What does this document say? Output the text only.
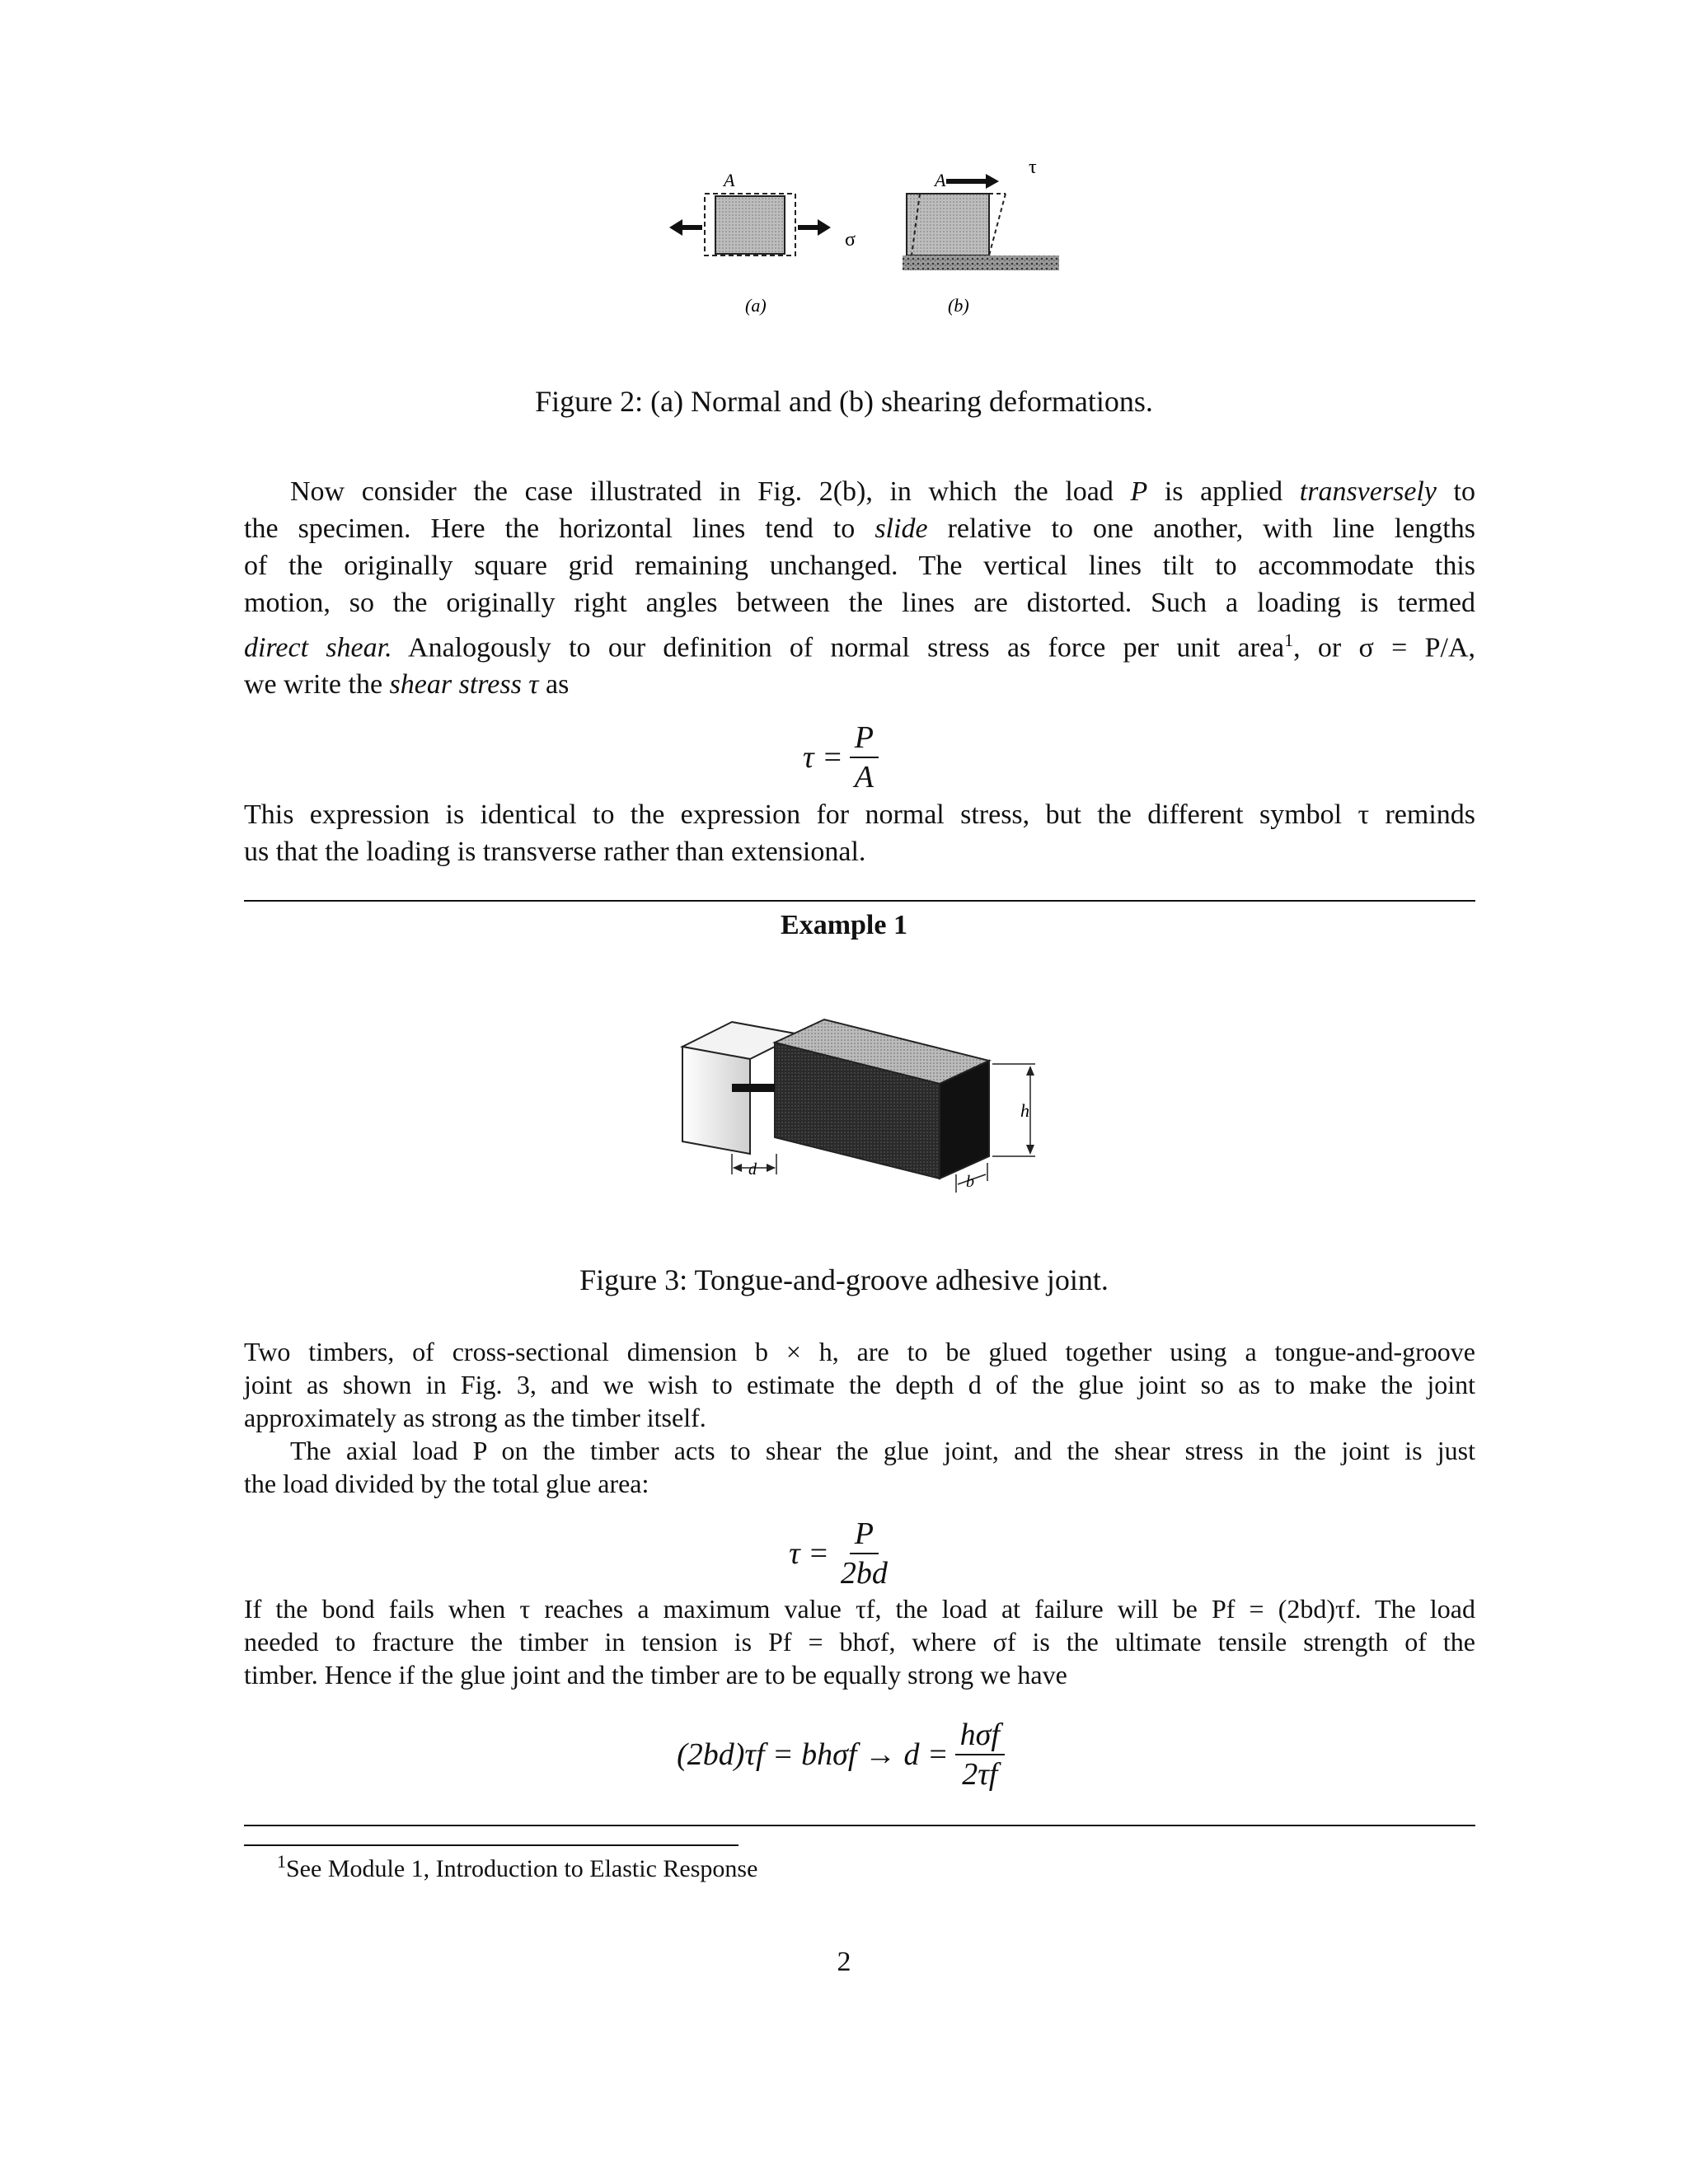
A	A
σ
τ
(a)	(b)
Figure 2: (a) Normal and (b) shearing deformations.
Now consider the case illustrated in Fig. 2(b), in which the load P is applied transversely to
the specimen. Here the horizontal lines tend to slide relative to one another, with line lengths
of the originally square grid remaining unchanged. The vertical lines tilt to accommodate this
motion, so the originally right angles between the lines are distorted. Such a loading is termed
direct shear. Analogously to our definition of normal stress as force per unit area$^1$, or σ = P/A,
we write the shear stress τ as
$\tau = \frac{P}{A}$
This expression is identical to the expression for normal stress, but the different symbol τ reminds
us that the loading is transverse rather than extensional.
Example 1
h
d
b
Figure 3: Tongue-and-groove adhesive joint.
Two timbers, of cross-sectional dimension b × h, are to be glued together using a tongue-and-groove
joint as shown in Fig. 3, and we wish to estimate the depth d of the glue joint so as to make the joint
approximately as strong as the timber itself.
The axial load P on the timber acts to shear the glue joint, and the shear stress in the joint is just
the load divided by the total glue area:
$\tau = \frac{P}{2bd}$
If the bond fails when τ reaches a maximum value τf, the load at failure will be Pf = (2bd)τf. The load
needed to fracture the timber in tension is Pf = bhσf, where σf is the ultimate tensile strength of the
timber. Hence if the glue joint and the timber are to be equally strong we have
$(2bd)\tau f = bh\sigma f \to d = \frac{\text{hσf}}{2\tau f}$
$^1$See Module 1, Introduction to Elastic Response
2
